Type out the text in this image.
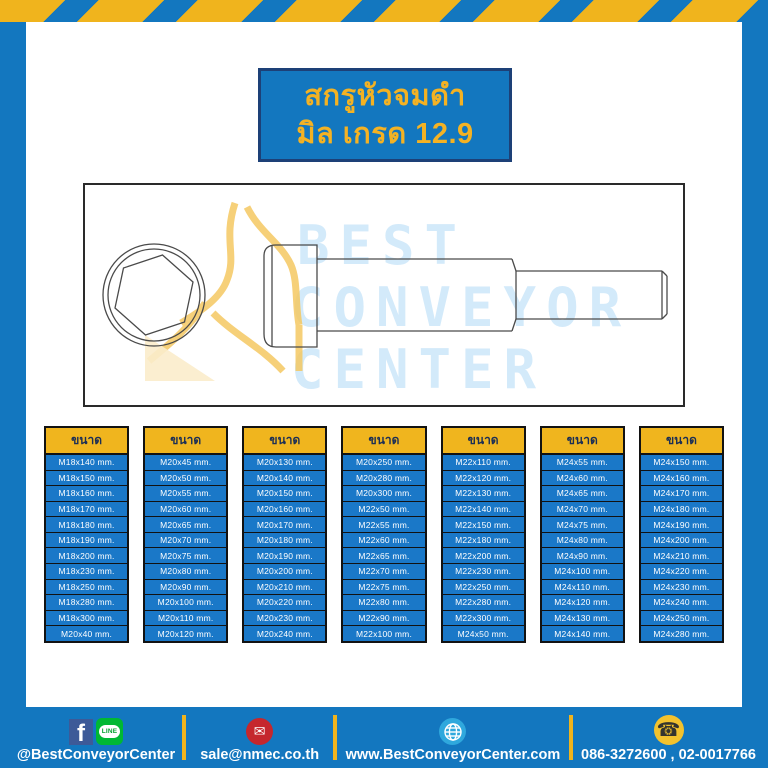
สกรูหัวจมดำ
มิล เกรด 12.9
BEST
CONVEYOR
CENTER
ขนาด
M18x140 mm.
M18x150 mm.
M18x160 mm.
M18x170 mm.
M18x180 mm.
M18x190 mm.
M18x200 mm.
M18x230 mm.
M18x250 mm.
M18x280 mm.
M18x300 mm.
M20x40 mm.
ขนาด
M20x45 mm.
M20x50 mm.
M20x55 mm.
M20x60 mm.
M20x65 mm.
M20x70 mm.
M20x75 mm.
M20x80 mm.
M20x90 mm.
M20x100 mm.
M20x110 mm.
M20x120 mm.
ขนาด
M20x130 mm.
M20x140 mm.
M20x150 mm.
M20x160 mm.
M20x170 mm.
M20x180 mm.
M20x190 mm.
M20x200 mm.
M20x210 mm.
M20x220 mm.
M20x230 mm.
M20x240 mm.
ขนาด
M20x250 mm.
M20x280 mm.
M20x300 mm.
M22x50 mm.
M22x55 mm.
M22x60 mm.
M22x65 mm.
M22x70 mm.
M22x75 mm.
M22x80 mm.
M22x90 mm.
M22x100 mm.
ขนาด
M22x110 mm.
M22x120 mm.
M22x130 mm.
M22x140 mm.
M22x150 mm.
M22x180 mm.
M22x200 mm.
M22x230 mm.
M22x250 mm.
M22x280 mm.
M22x300 mm.
M24x50 mm.
ขนาด
M24x55 mm.
M24x60 mm.
M24x65 mm.
M24x70 mm.
M24x75 mm.
M24x80 mm.
M24x90 mm.
M24x100 mm.
M24x110 mm.
M24x120 mm.
M24x130 mm.
M24x140 mm.
ขนาด
M24x150 mm.
M24x160 mm.
M24x170 mm.
M24x180 mm.
M24x190 mm.
M24x200 mm.
M24x210 mm.
M24x220 mm.
M24x230 mm.
M24x240 mm.
M24x250 mm.
M24x280 mm.
f	LINE
@BestConveyorCenter
✉
sale@nmec.co.th www.BestConveyorCenter.com
☎
086-3272600 , 02-0017766
